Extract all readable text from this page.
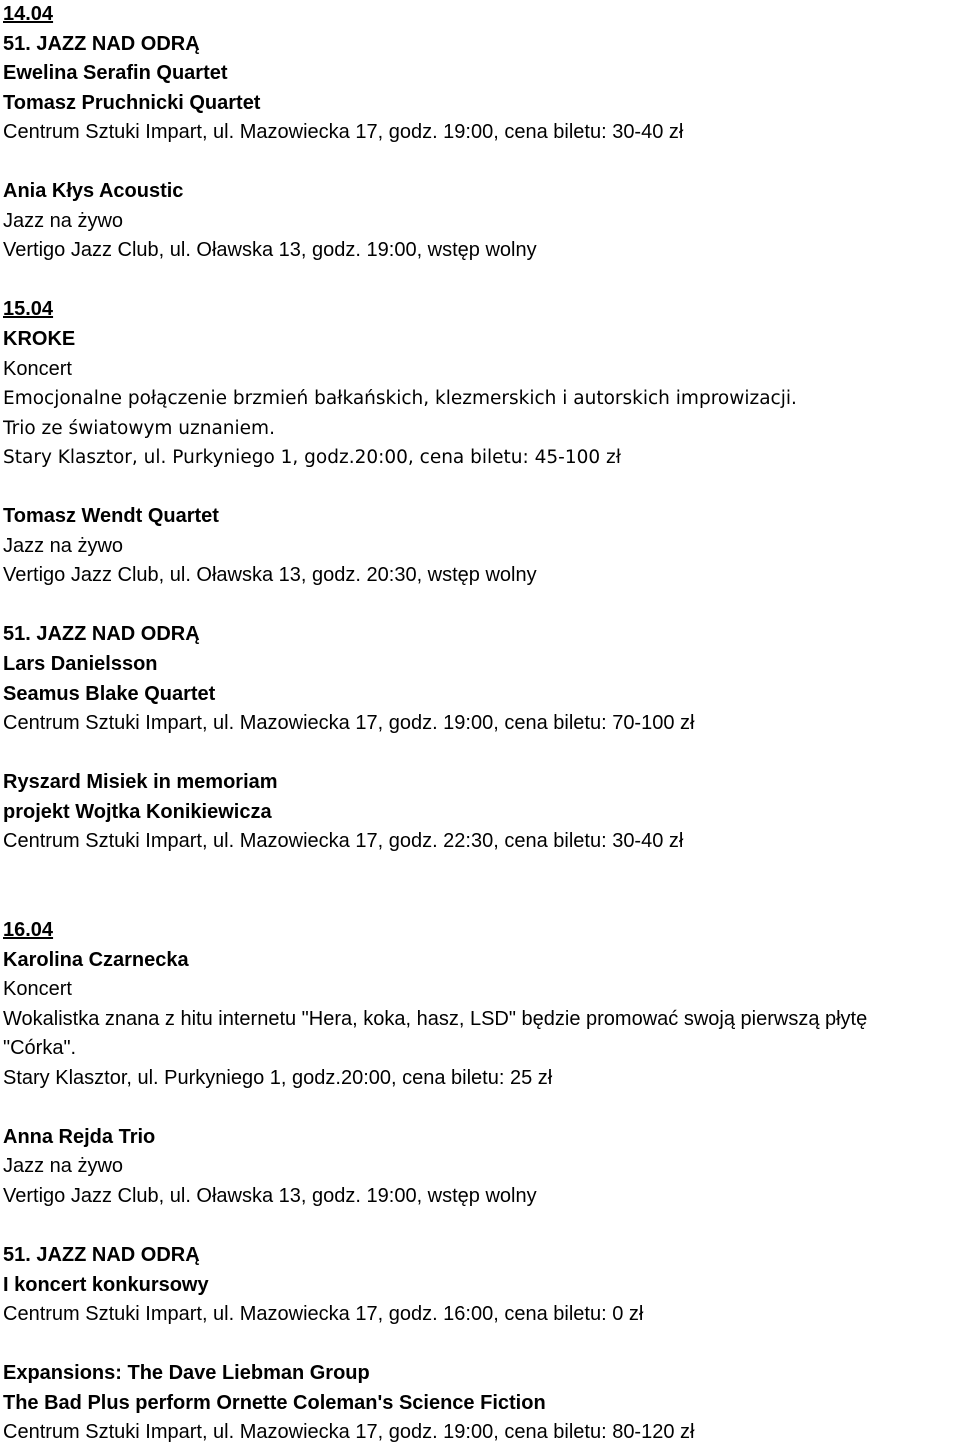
14.04
51. JAZZ NAD ODRĄ
Ewelina Serafin Quartet
Tomasz Pruchnicki Quartet
Centrum Sztuki Impart, ul. Mazowiecka 17, godz. 19:00, cena biletu: 30-40 zł
Ania Kłys Acoustic
Jazz na żywo
Vertigo Jazz Club, ul. Oławska 13, godz. 19:00, wstęp wolny
15.04
KROKE
Koncert
Emocjonalne połączenie brzmień bałkańskich, klezmerskich i autorskich improwizacji.
Trio ze światowym uznaniem.
Stary Klasztor, ul. Purkyniego 1, godz.20:00, cena biletu: 45-100 zł
Tomasz Wendt Quartet
Jazz na żywo
Vertigo Jazz Club, ul. Oławska 13, godz. 20:30, wstęp wolny
51. JAZZ NAD ODRĄ
Lars Danielsson
Seamus Blake Quartet
Centrum Sztuki Impart, ul. Mazowiecka 17, godz. 19:00, cena biletu: 70-100 zł
Ryszard Misiek in memoriam
projekt Wojtka Konikiewicza
Centrum Sztuki Impart, ul. Mazowiecka 17, godz. 22:30, cena biletu: 30-40 zł
16.04
Karolina Czarnecka
Koncert
Wokalistka znana z hitu internetu "Hera, koka, hasz, LSD" będzie promować swoją pierwszą płytę
"Córka".
Stary Klasztor, ul. Purkyniego 1, godz.20:00, cena biletu: 25 zł
Anna Rejda Trio
Jazz na żywo
Vertigo Jazz Club, ul. Oławska 13, godz. 19:00, wstęp wolny
51. JAZZ NAD ODRĄ
I koncert konkursowy
Centrum Sztuki Impart, ul. Mazowiecka 17, godz. 16:00, cena biletu: 0 zł
Expansions: The Dave Liebman Group
The Bad Plus perform Ornette Coleman's Science Fiction
Centrum Sztuki Impart, ul. Mazowiecka 17, godz. 19:00, cena biletu: 80-120 zł
